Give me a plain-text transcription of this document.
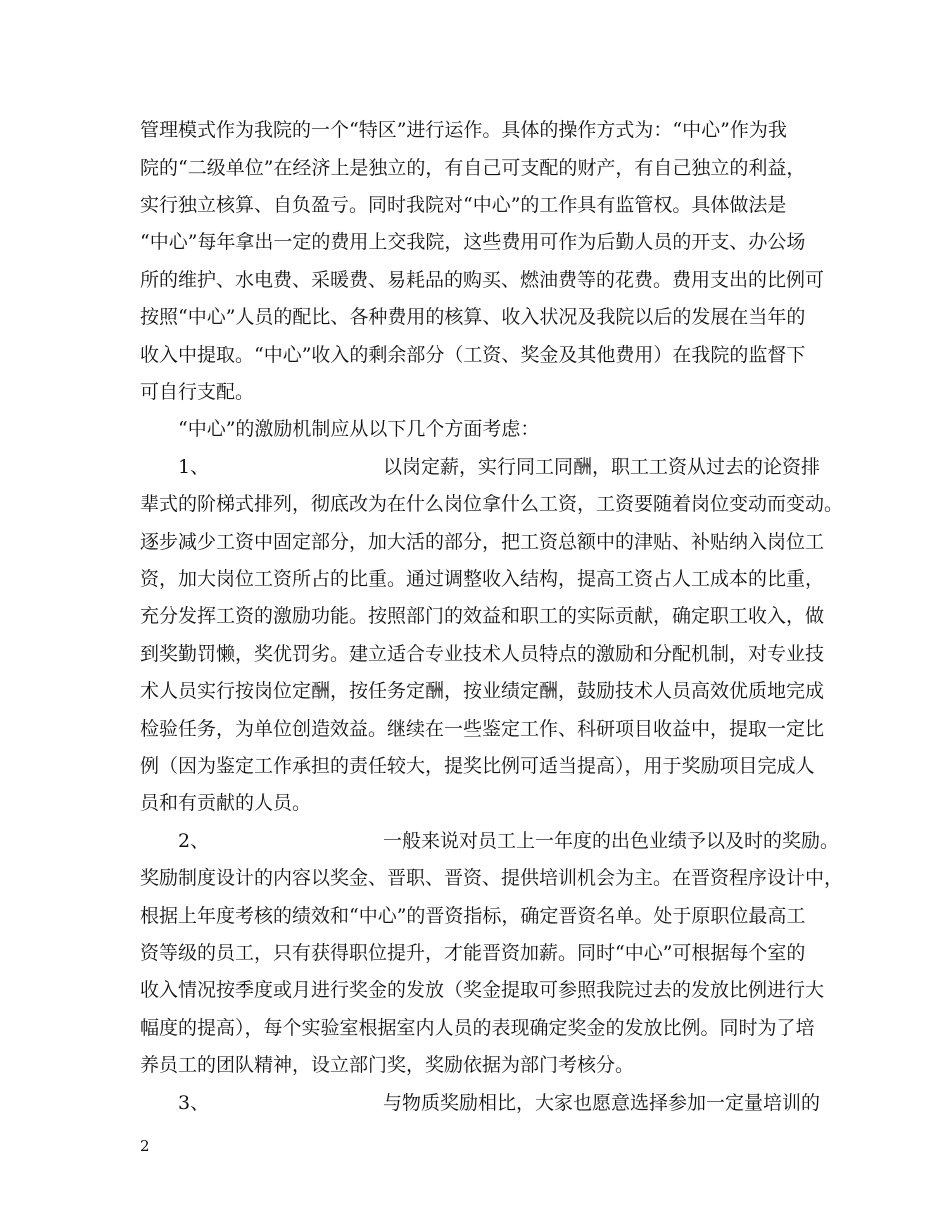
管理模式作为我院的一个“特区”进行运作。具体的操作方式为：“中心”作为我
院的“二级单位”在经济上是独立的，有自己可支配的财产，有自己独立的利益，
实行独立核算、自负盈亏。同时我院对“中心”的工作具有监管权。具体做法是
“中心”每年拿出一定的费用上交我院，这些费用可作为后勤人员的开支、办公场
所的维护、水电费、采暖费、易耗品的购买、燃油费等的花费。费用支出的比例可
按照“中心”人员的配比、各种费用的核算、收入状况及我院以后的发展在当年的
收入中提取。“中心”收入的剩余部分（工资、奖金及其他费用）在我院的监督下
可自行支配。
“中心”的激励机制应从以下几个方面考虑：
1、	以岗定薪，实行同工同酬，职工工资从过去的论资排
辈式的阶梯式排列，彻底改为在什么岗位拿什么工资，工资要随着岗位变动而变动。
逐步减少工资中固定部分，加大活的部分，把工资总额中的津贴、补贴纳入岗位工
资，加大岗位工资所占的比重。通过调整收入结构，提高工资占人工成本的比重，
充分发挥工资的激励功能。按照部门的效益和职工的实际贡献，确定职工收入，做
到奖勤罚懒，奖优罚劣。建立适合专业技术人员特点的激励和分配机制，对专业技
术人员实行按岗位定酬，按任务定酬，按业绩定酬，鼓励技术人员高效优质地完成
检验任务，为单位创造效益。继续在一些鉴定工作、科研项目收益中，提取一定比
例（因为鉴定工作承担的责任较大，提奖比例可适当提高），用于奖励项目完成人
员和有贡献的人员。
2、	一般来说对员工上一年度的出色业绩予以及时的奖励。
奖励制度设计的内容以奖金、晋职、晋资、提供培训机会为主。在晋资程序设计中，
根据上年度考核的绩效和“中心”的晋资指标，确定晋资名单。处于原职位最高工
资等级的员工，只有获得职位提升，才能晋资加薪。同时“中心”可根据每个室的
收入情况按季度或月进行奖金的发放（奖金提取可参照我院过去的发放比例进行大
幅度的提高），每个实验室根据室内人员的表现确定奖金的发放比例。同时为了培
养员工的团队精神，设立部门奖，奖励依据为部门考核分。
3、	与物质奖励相比，大家也愿意选择参加一定量培训的
2
